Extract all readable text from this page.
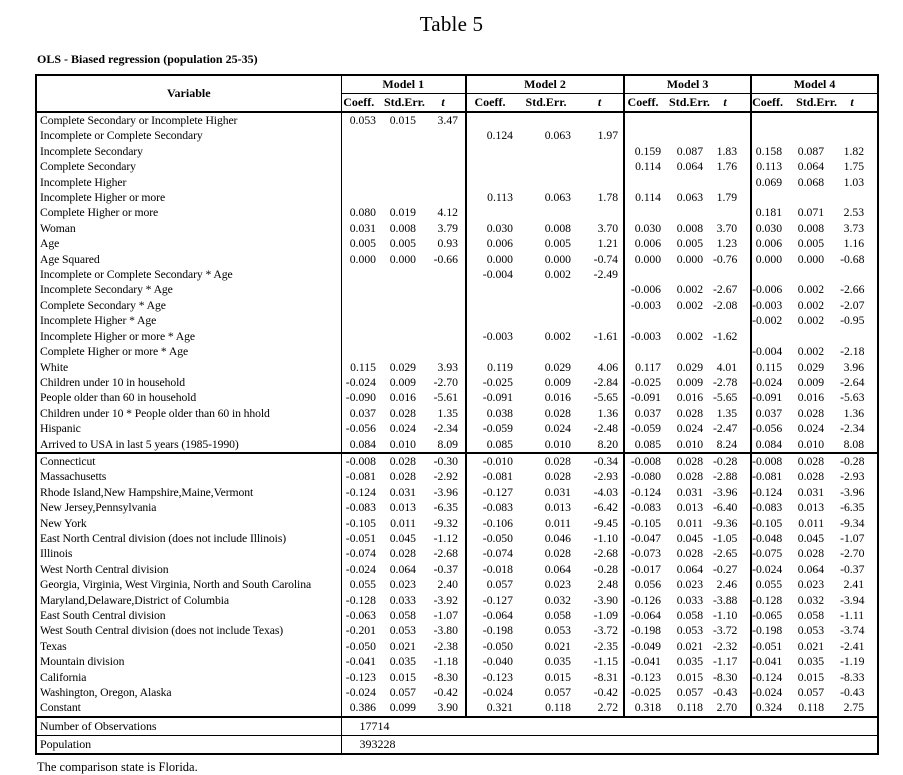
Table 5
OLS - Biased regression (population 25-35)
Variable	Model 1			Model 2			Model 3			Model 4		
	Coeff.	Std.Err.	t	Coeff.	Std.Err.	t	Coeff.	Std.Err.	t	Coeff.	Std.Err.	t
Complete Secondary or Incomplete Higher	0.053	0.015	3.47									
Incomplete or Complete Secondary				0.124	0.063	1.97						
Incomplete Secondary							0.159	0.087	1.83	0.158	0.087	1.82
Complete Secondary							0.114	0.064	1.76	0.113	0.064	1.75
Incomplete Higher										0.069	0.068	1.03
Incomplete Higher or more				0.113	0.063	1.78	0.114	0.063	1.79			
Complete Higher or more	0.080	0.019	4.12							0.181	0.071	2.53
Woman	0.031	0.008	3.79	0.030	0.008	3.70	0.030	0.008	3.70	0.030	0.008	3.73
Age	0.005	0.005	0.93	0.006	0.005	1.21	0.006	0.005	1.23	0.006	0.005	1.16
Age Squared	0.000	0.000	-0.66	0.000	0.000	-0.74	0.000	0.000	-0.76	0.000	0.000	-0.68
Incomplete or Complete Secondary * Age				-0.004	0.002	-2.49						
Incomplete Secondary * Age							-0.006	0.002	-2.67	-0.006	0.002	-2.66
Complete Secondary * Age							-0.003	0.002	-2.08	-0.003	0.002	-2.07
Incomplete Higher * Age										-0.002	0.002	-0.95
Incomplete Higher or more * Age				-0.003	0.002	-1.61	-0.003	0.002	-1.62			
Complete Higher or more * Age										-0.004	0.002	-2.18
White	0.115	0.029	3.93	0.119	0.029	4.06	0.117	0.029	4.01	0.115	0.029	3.96
Children under 10 in household	-0.024	0.009	-2.70	-0.025	0.009	-2.84	-0.025	0.009	-2.78	-0.024	0.009	-2.64
People older than 60 in household	-0.090	0.016	-5.61	-0.091	0.016	-5.65	-0.091	0.016	-5.65	-0.091	0.016	-5.63
Children under 10 * People older than 60 in hhold	0.037	0.028	1.35	0.038	0.028	1.36	0.037	0.028	1.35	0.037	0.028	1.36
Hispanic	-0.056	0.024	-2.34	-0.059	0.024	-2.48	-0.059	0.024	-2.47	-0.056	0.024	-2.34
Arrived to USA in last 5 years (1985-1990)	0.084	0.010	8.09	0.085	0.010	8.20	0.085	0.010	8.24	0.084	0.010	8.08
Connecticut	-0.008	0.028	-0.30	-0.010	0.028	-0.34	-0.008	0.028	-0.28	-0.008	0.028	-0.28
Massachusetts	-0.081	0.028	-2.92	-0.081	0.028	-2.93	-0.080	0.028	-2.88	-0.081	0.028	-2.93
Rhode Island,New Hampshire,Maine,Vermont	-0.124	0.031	-3.96	-0.127	0.031	-4.03	-0.124	0.031	-3.96	-0.124	0.031	-3.96
New Jersey,Pennsylvania	-0.083	0.013	-6.35	-0.083	0.013	-6.42	-0.083	0.013	-6.40	-0.083	0.013	-6.35
New York	-0.105	0.011	-9.32	-0.106	0.011	-9.45	-0.105	0.011	-9.36	-0.105	0.011	-9.34
East North Central division (does not include Illinois)	-0.051	0.045	-1.12	-0.050	0.046	-1.10	-0.047	0.045	-1.05	-0.048	0.045	-1.07
Illinois	-0.074	0.028	-2.68	-0.074	0.028	-2.68	-0.073	0.028	-2.65	-0.075	0.028	-2.70
West North Central division	-0.024	0.064	-0.37	-0.018	0.064	-0.28	-0.017	0.064	-0.27	-0.024	0.064	-0.37
Georgia, Virginia, West Virginia, North and South Carolina	0.055	0.023	2.40	0.057	0.023	2.48	0.056	0.023	2.46	0.055	0.023	2.41
Maryland,Delaware,District of Columbia	-0.128	0.033	-3.92	-0.127	0.032	-3.90	-0.126	0.033	-3.88	-0.128	0.032	-3.94
East South Central division	-0.063	0.058	-1.07	-0.064	0.058	-1.09	-0.064	0.058	-1.10	-0.065	0.058	-1.11
West South Central division (does not include Texas)	-0.201	0.053	-3.80	-0.198	0.053	-3.72	-0.198	0.053	-3.72	-0.198	0.053	-3.74
Texas	-0.050	0.021	-2.38	-0.050	0.021	-2.35	-0.049	0.021	-2.32	-0.051	0.021	-2.41
Mountain division	-0.041	0.035	-1.18	-0.040	0.035	-1.15	-0.041	0.035	-1.17	-0.041	0.035	-1.19
California	-0.123	0.015	-8.30	-0.123	0.015	-8.31	-0.123	0.015	-8.30	-0.124	0.015	-8.33
Washington, Oregon, Alaska	-0.024	0.057	-0.42	-0.024	0.057	-0.42	-0.025	0.057	-0.43	-0.024	0.057	-0.43
Constant	0.386	0.099	3.90	0.321	0.118	2.72	0.318	0.118	2.70	0.324	0.118	2.75
Number of Observations	17714											
Population	393228											
The comparison state is Florida.
